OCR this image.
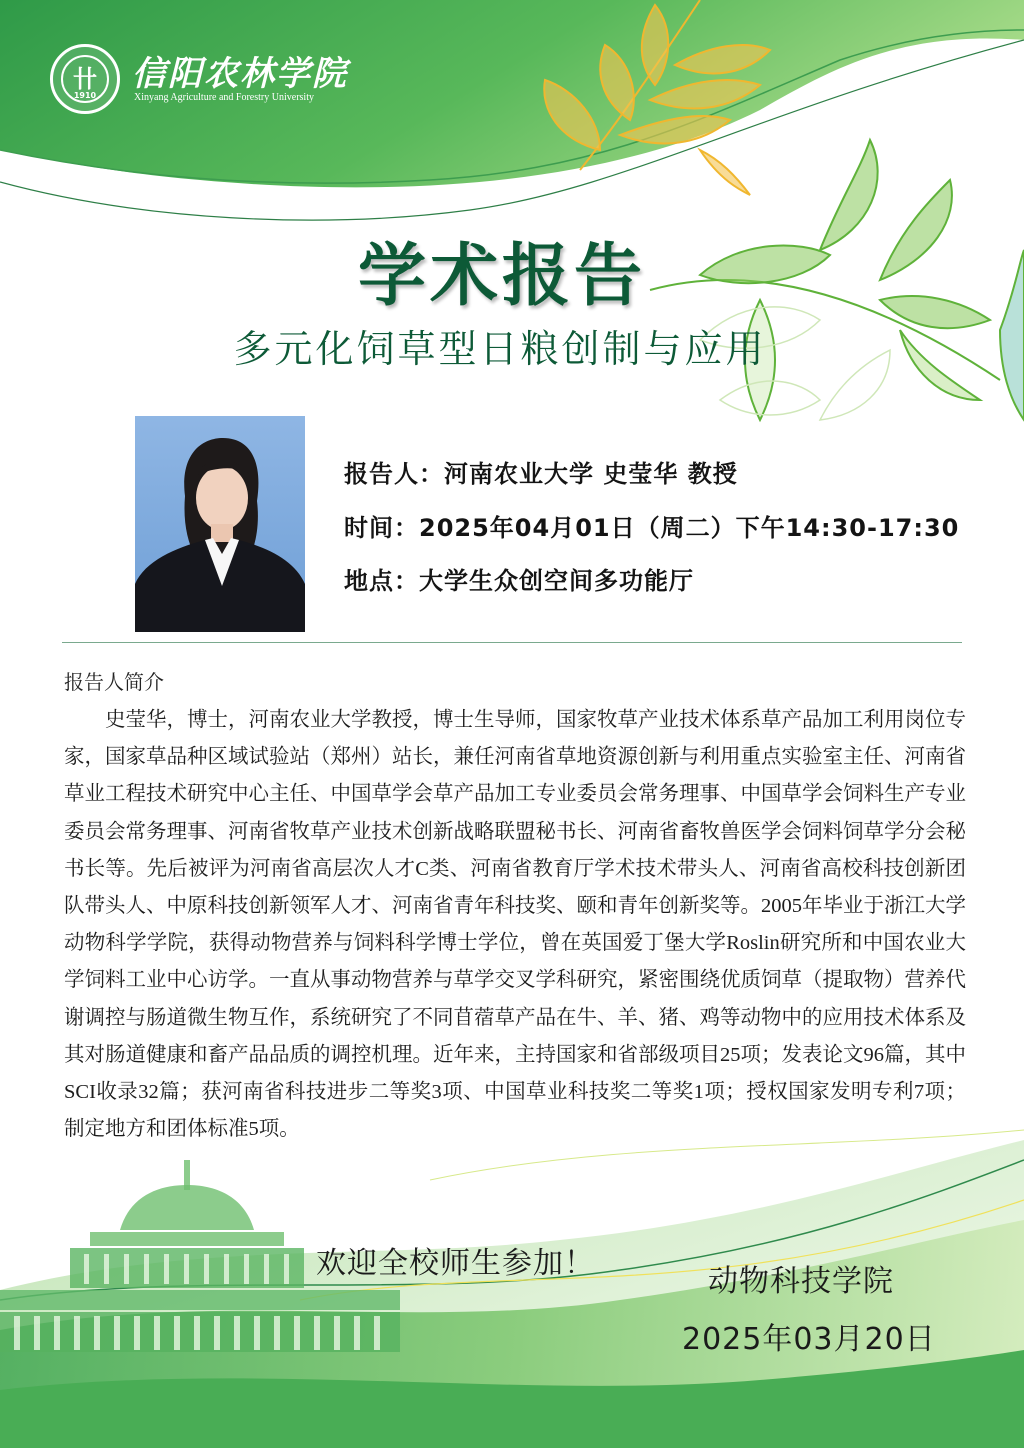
卄
1910
信阳农林学院
Xinyang Agriculture and Forestry University
学术报告
多元化饲草型日粮创制与应用
报告人：河南农业大学 史莹华 教授
时间：2025年04月01日（周二）下午14:30-17:30
地点：大学生众创空间多功能厅
报告人简介
史莹华，博士，河南农业大学教授，博士生导师，国家牧草产业技术体系草产品加工利用岗位专家，国家草品种区域试验站（郑州）站长，兼任河南省草地资源创新与利用重点实验室主任、河南省草业工程技术研究中心主任、中国草学会草产品加工专业委员会常务理事、中国草学会饲料生产专业委员会常务理事、河南省牧草产业技术创新战略联盟秘书长、河南省畜牧兽医学会饲料饲草学分会秘书长等。先后被评为河南省高层次人才C类、河南省教育厅学术技术带头人、河南省高校科技创新团队带头人、中原科技创新领军人才、河南省青年科技奖、颐和青年创新奖等。2005年毕业于浙江大学动物科学学院，获得动物营养与饲料科学博士学位，曾在英国爱丁堡大学Roslin研究所和中国农业大学饲料工业中心访学。一直从事动物营养与草学交叉学科研究，紧密围绕优质饲草（提取物）营养代谢调控与肠道微生物互作，系统研究了不同苜蓿草产品在牛、羊、猪、鸡等动物中的应用技术体系及其对肠道健康和畜产品品质的调控机理。近年来，主持国家和省部级项目25项；发表论文96篇，其中SCI收录32篇；获河南省科技进步二等奖3项、中国草业科技奖二等奖1项；授权国家发明专利7项；制定地方和团体标准5项。
欢迎全校师生参加！
动物科技学院
2025年03月20日
